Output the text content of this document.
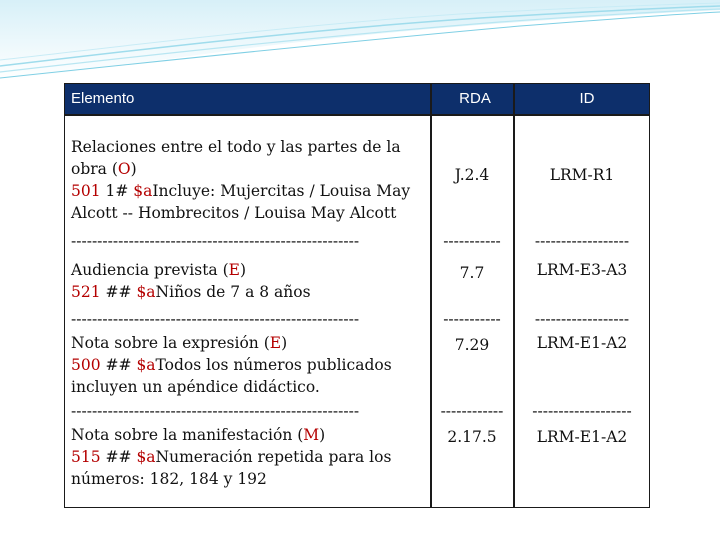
Elemento	RDA	ID
Relaciones entre el todo y las partes de la
obra (O)
501 1# $aIncluye: Mujercitas / Louisa May
Alcott -- Hombrecitos / Louisa May Alcott
J.2.4	LRM-R1
-------------------------------------------------------	-----------	------------------
Audiencia prevista (E)
521 ## $aNiños de 7 a 8 años
7.7	LRM-E3-A3
-------------------------------------------------------	-----------	------------------
Nota sobre la expresión (E)
500 ## $aTodos los números publicados
incluyen un apéndice didáctico.
7.29	LRM-E1-A2
-------------------------------------------------------	------------	-------------------
Nota sobre la manifestación (M)
515 ## $aNumeración repetida para los
números: 182, 184 y 192
2.17.5	LRM-E1-A2
